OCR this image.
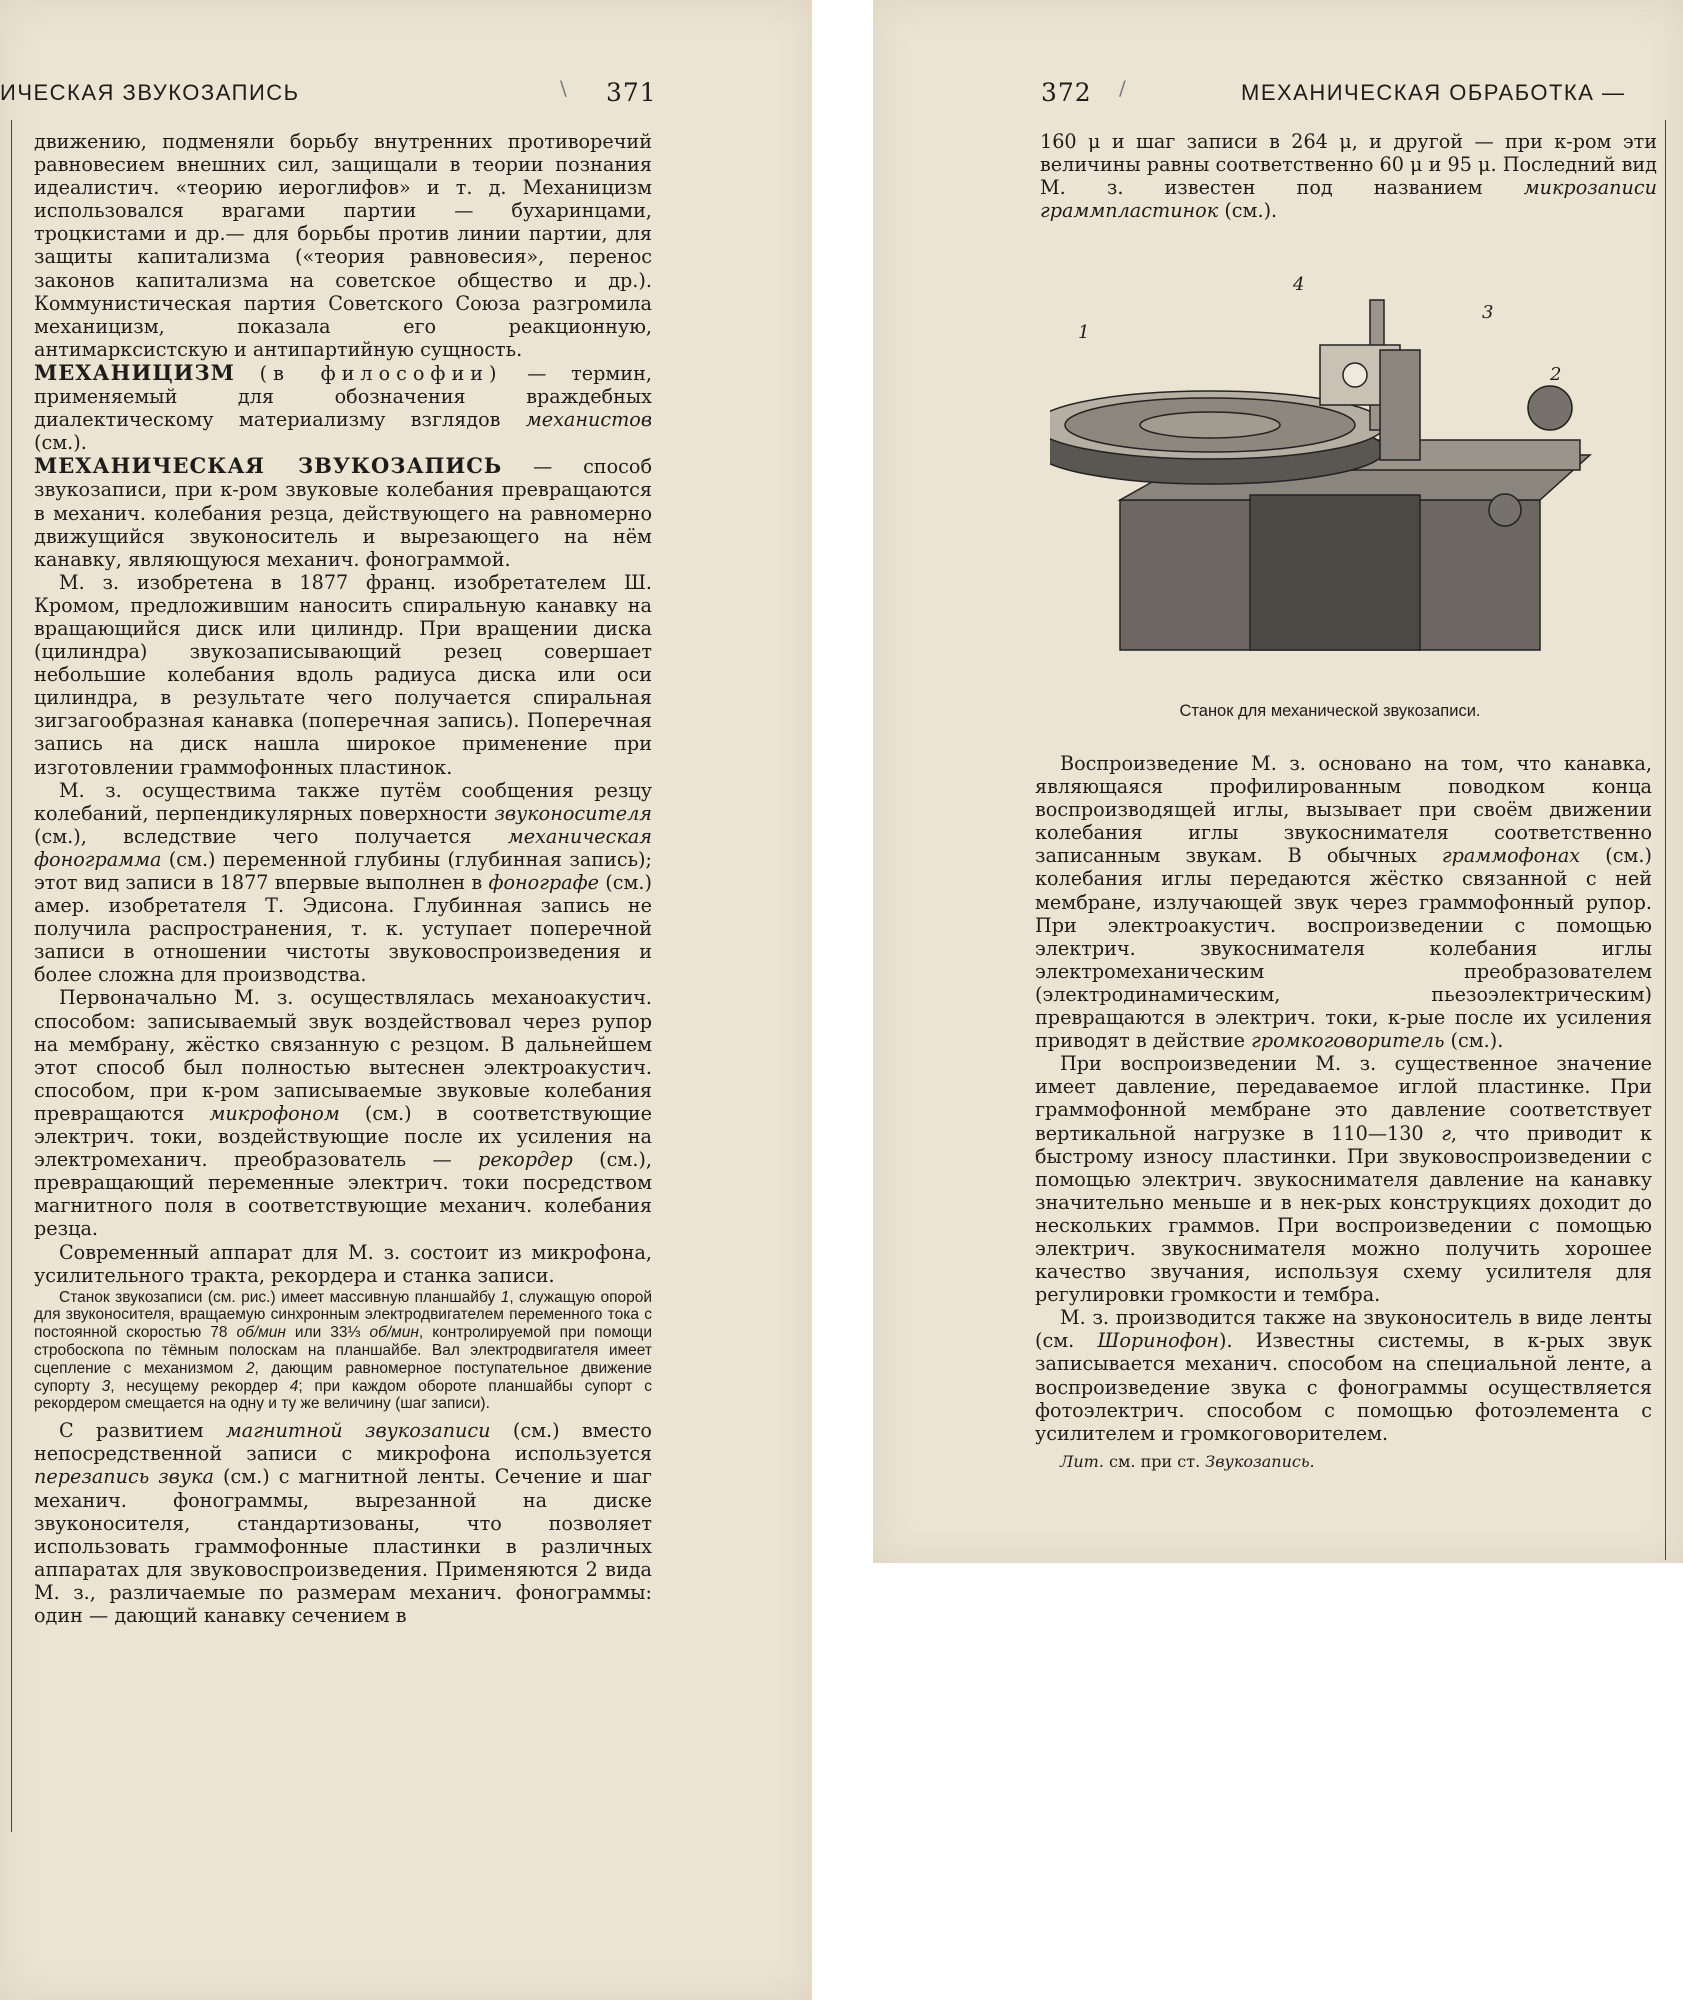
ИЧЕСКАЯ ЗВУКОЗАПИСЬ	\ 371

движению, подменяли борьбу внутренних противоречий равновесием внешних сил, защищали в теории познания идеалистич. «теорию иероглифов» и т. д. Механицизм использовался врагами партии — бухаринцами, троцкистами и др.— для борьбы против линии партии, для защиты капитализма («теория равновесия», перенос законов капитализма на советское общество и др.). Коммунистическая партия Советского Союза разгромила механицизм, показала его реакционную, антимарксистскую и антипартийную сущность.

МЕХАНИЦИЗМ (в философии) — термин, применяемый для обозначения враждебных диалектическому материализму взглядов механистов (см.).

МЕХАНИЧЕСКАЯ ЗВУКОЗАПИСЬ — способ звукозаписи, при к-ром звуковые колебания превращаются в механич. колебания резца, действующего на равномерно движущийся звуконоситель и вырезающего на нём канавку, являющуюся механич. фонограммой.

М. з. изобретена в 1877 франц. изобретателем Ш. Кромом, предложившим наносить спиральную канавку на вращающийся диск или цилиндр. При вращении диска (цилиндра) звукозаписывающий резец совершает небольшие колебания вдоль радиуса диска или оси цилиндра, в результате чего получается спиральная зигзагообразная канавка (поперечная запись). Поперечная запись на диск нашла широкое применение при изготовлении граммофонных пластинок.

М. з. осуществима также путём сообщения резцу колебаний, перпендикулярных поверхности звуконосителя (см.), вследствие чего получается механическая фонограмма (см.) переменной глубины (глубинная запись); этот вид записи в 1877 впервые выполнен в фонографе (см.) амер. изобретателя Т. Эдисона. Глубинная запись не получила распространения, т. к. уступает поперечной записи в отношении чистоты звуковоспроизведения и более сложна для производства.

Первоначально М. з. осуществлялась механоакустич. способом: записываемый звук воздействовал через рупор на мембрану, жёстко связанную с резцом. В дальнейшем этот способ был полностью вытеснен электроакустич. способом, при к-ром записываемые звуковые колебания превращаются микрофоном (см.) в соответствующие электрич. токи, воздействующие после их усиления на электромеханич. преобразователь — рекордер (см.), превращающий переменные электрич. токи посредством магнитного поля в соответствующие механич. колебания резца.

Современный аппарат для М. з. состоит из микрофона, усилительного тракта, рекордера и станка записи.

Станок звукозаписи (см. рис.) имеет массивную планшайбу 1, служащую опорой для звуконосителя, вращаемую синхронным электродвигателем переменного тока с постоянной скоростью 78 об/мин или 33⅓ об/мин, контролируемой при помощи стробоскопа по тёмным полоскам на планшайбе. Вал электродвигателя имеет сцепление с механизмом 2, дающим равномерное поступательное движение супорту 3, несущему рекордер 4; при каждом обороте планшайбы супорт с рекордером смещается на одну и ту же величину (шаг записи).

С развитием магнитной звукозаписи (см.) вместо непосредственной записи с микрофона используется перезапись звука (см.) с магнитной ленты. Сечение и шаг механич. фонограммы, вырезанной на диске звуконосителя, стандартизованы, что позволяет использовать граммофонные пластинки в различных аппаратах для звуковоспроизведения. Применяются 2 вида М. з., различаемые по размерам механич. фонограммы: один — дающий канавку сечением в

372 /	МЕХАНИЧЕСКАЯ ОБРАБОТКА —

160 μ и шаг записи в 264 μ, и другой — при к-ром эти величины равны соответственно 60 μ и 95 μ. Последний вид М. з. известен под названием микрозаписи граммпластинок (см.).

1
2
3
4
Станок для механической звукозаписи.

Воспроизведение М. з. основано на том, что канавка, являющаяся профилированным поводком конца воспроизводящей иглы, вызывает при своём движении колебания иглы звукоснимателя соответственно записанным звукам. В обычных граммофонах (см.) колебания иглы передаются жёстко связанной с ней мембране, излучающей звук через граммофонный рупор. При электроакустич. воспроизведении с помощью электрич. звукоснимателя колебания иглы электромеханическим преобразователем (электродинамическим, пьезоэлектрическим) превращаются в электрич. токи, к-рые после их усиления приводят в действие громкоговоритель (см.).

При воспроизведении М. з. существенное значение имеет давление, передаваемое иглой пластинке. При граммофонной мембране это давление соответствует вертикальной нагрузке в 110—130 г, что приводит к быстрому износу пластинки. При звуковоспроизведении с помощью электрич. звукоснимателя давление на канавку значительно меньше и в нек-рых конструкциях доходит до нескольких граммов. При воспроизведении с помощью электрич. звукоснимателя можно получить хорошее качество звучания, используя схему усилителя для регулировки громкости и тембра.

М. з. производится также на звуконоситель в виде ленты (см. Шоринофон). Известны системы, в к-рых звук записывается механич. способом на специальной ленте, а воспроизведение звука с фонограммы осуществляется фотоэлектрич. способом с помощью фотоэлемента с усилителем и громкоговорителем.

Лит. см. при ст. Звукозапись.
